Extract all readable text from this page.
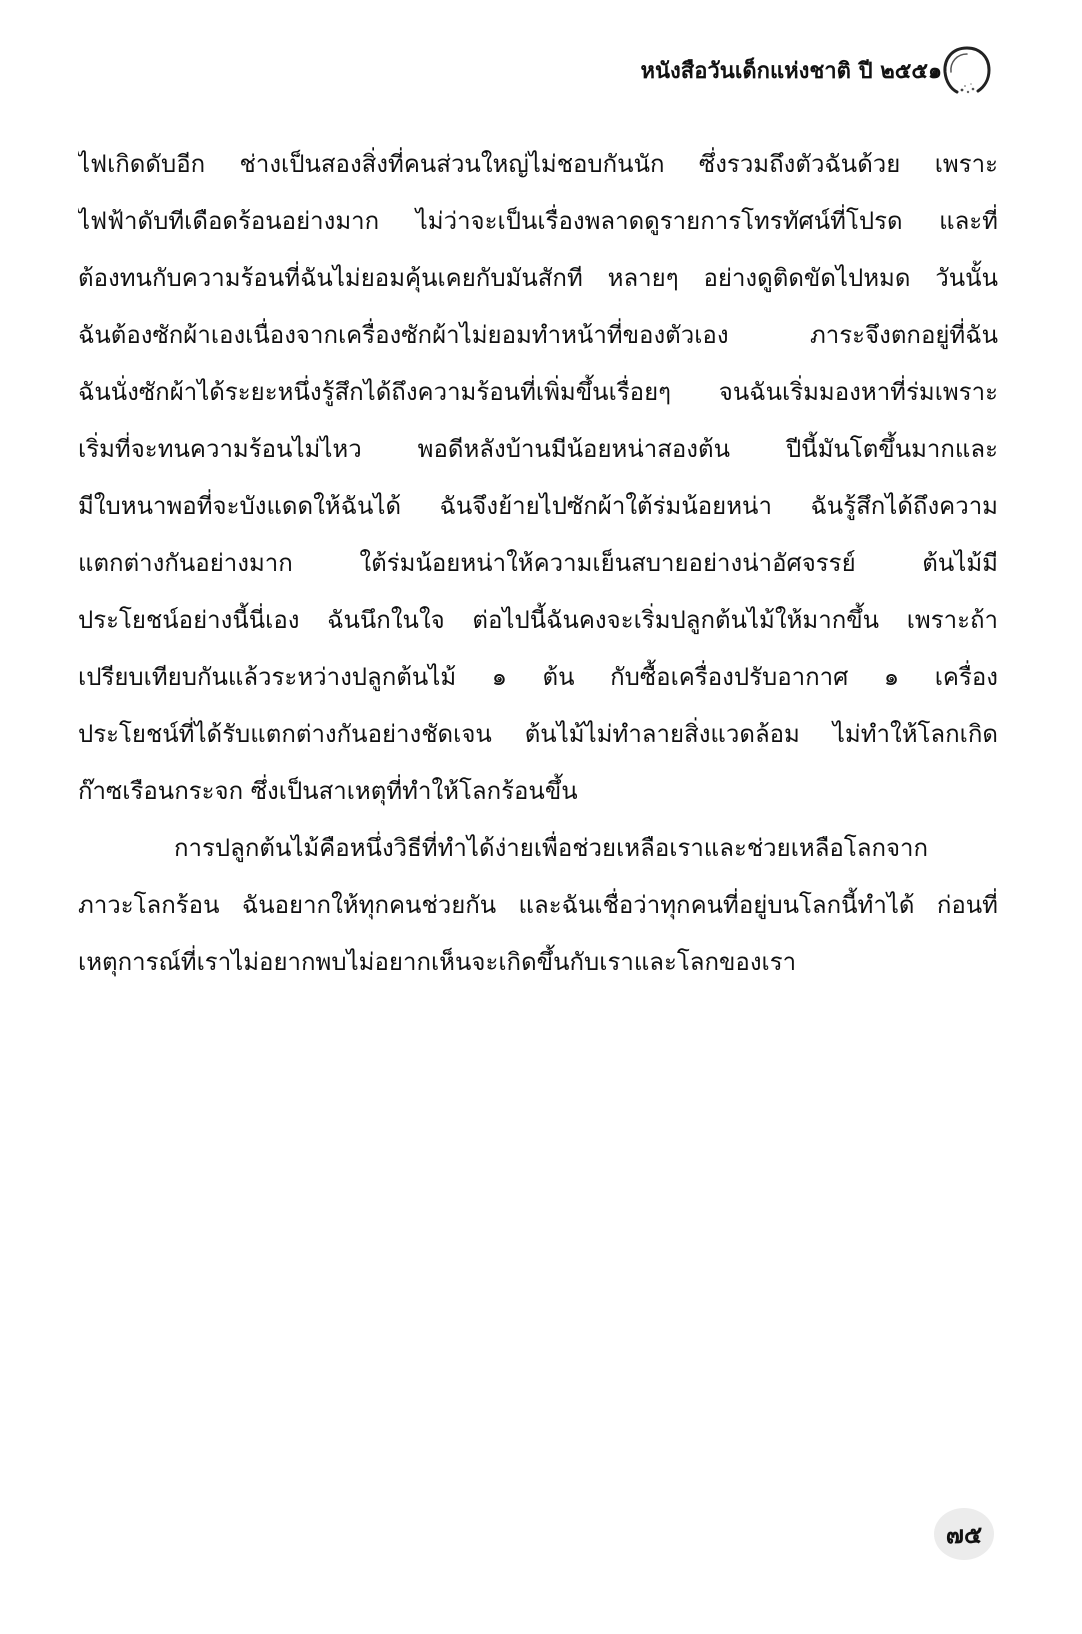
หนังสือวันเด็กแห่งชาติ ปี ๒๕๕๑
ไฟเกิดดับอีก ช่างเป็นสองสิ่งที่คนส่วนใหญ่ไม่ชอบกันนัก ซึ่งรวมถึงตัวฉันด้วย เพราะ
ไฟฟ้าดับทีเดือดร้อนอย่างมาก ไม่ว่าจะเป็นเรื่องพลาดดูรายการโทรทัศน์ที่โปรด และที่
ต้องทนกับความร้อนที่ฉันไม่ยอมคุ้นเคยกับมันสักที หลายๆ อย่างดูติดขัดไปหมด วันนั้น
ฉันต้องซักผ้าเองเนื่องจากเครื่องซักผ้าไม่ยอมทำหน้าที่ของตัวเอง ภาระจึงตกอยู่ที่ฉัน
ฉันนั่งซักผ้าได้ระยะหนึ่งรู้สึกได้ถึงความร้อนที่เพิ่มขึ้นเรื่อยๆ จนฉันเริ่มมองหาที่ร่มเพราะ
เริ่มที่จะทนความร้อนไม่ไหว พอดีหลังบ้านมีน้อยหน่าสองต้น ปีนี้มันโตขึ้นมากและ
มีใบหนาพอที่จะบังแดดให้ฉันได้ ฉันจึงย้ายไปซักผ้าใต้ร่มน้อยหน่า ฉันรู้สึกได้ถึงความ
แตกต่างกันอย่างมาก ใต้ร่มน้อยหน่าให้ความเย็นสบายอย่างน่าอัศจรรย์ ต้นไม้มี
ประโยชน์อย่างนี้นี่เอง ฉันนึกในใจ ต่อไปนี้ฉันคงจะเริ่มปลูกต้นไม้ให้มากขึ้น เพราะถ้า
เปรียบเทียบกันแล้วระหว่างปลูกต้นไม้ ๑ ต้น กับซื้อเครื่องปรับอากาศ ๑ เครื่อง
ประโยชน์ที่ได้รับแตกต่างกันอย่างชัดเจน ต้นไม้ไม่ทำลายสิ่งแวดล้อม ไม่ทำให้โลกเกิด
ก๊าซเรือนกระจก ซึ่งเป็นสาเหตุที่ทำให้โลกร้อนขึ้น
การปลูกต้นไม้คือหนึ่งวิธีที่ทำได้ง่ายเพื่อช่วยเหลือเราและช่วยเหลือโลกจาก
ภาวะโลกร้อน ฉันอยากให้ทุกคนช่วยกัน และฉันเชื่อว่าทุกคนที่อยู่บนโลกนี้ทำได้ ก่อนที่
เหตุการณ์ที่เราไม่อยากพบไม่อยากเห็นจะเกิดขึ้นกับเราและโลกของเรา
๗๕
